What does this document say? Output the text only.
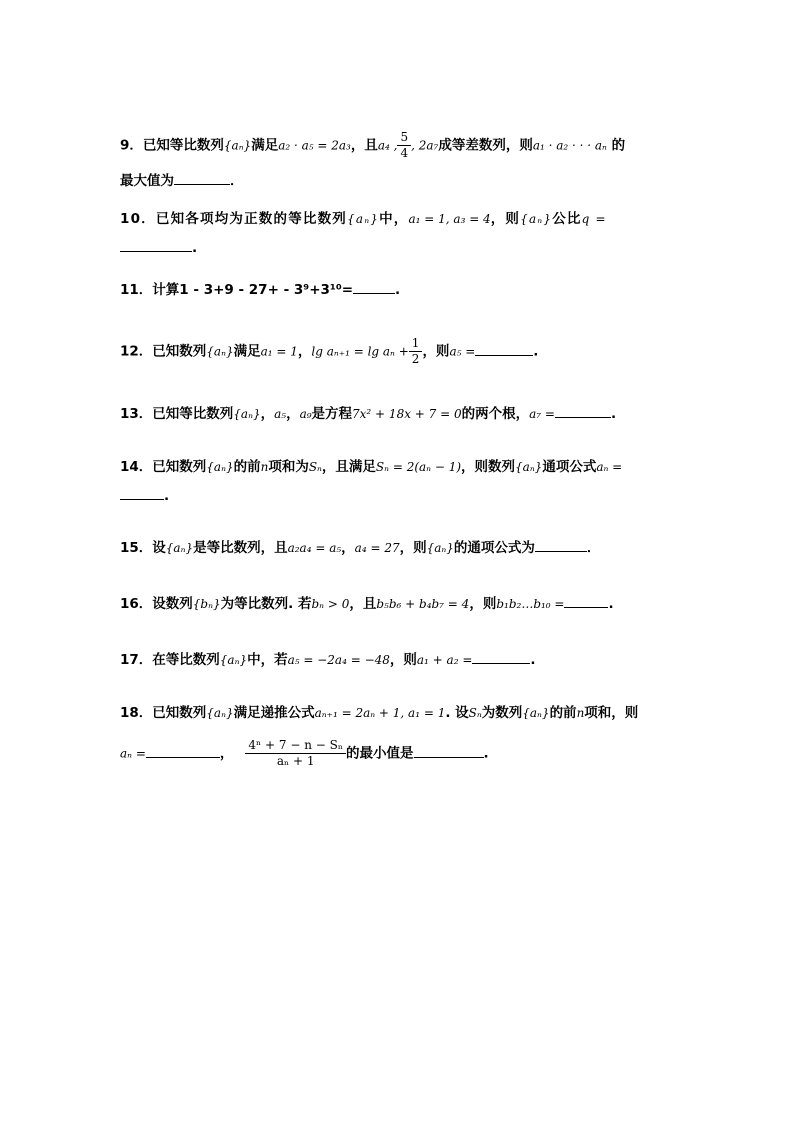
9．已知等比数列{aₙ}满足a₂ · a₅ = 2a₃，且a₄ , $\frac{5}{4}$ , 2a₇成等差数列，则a₁ · a₂ · · · aₙ 的
最大值为	．
10．已知各项均为正数的等比数列{aₙ}中，a₁ = 1, a₃ = 4，则{aₙ}公比q =
.
11．计算1 - 3+9 - 27+ - 3⁹+3¹⁰=	.
12．已知数列{aₙ}满足a₁ = 1，$\lg a_{n+1} = \lg a_n + \frac{1}{2}$ ，则a₅ =	.
13．已知等比数列{aₙ}，a₅，a₉是方程7x² + 18x + 7 = 0的两个根，a₇ =	.
14．已知数列{aₙ}的前n项和为Sₙ，且满足Sₙ = 2(aₙ − 1)，则数列{aₙ}通项公式aₙ =
.
15．设{aₙ}是等比数列，且a₂a₄ = a₅，a₄ = 27，则{aₙ}的通项公式为	．
16．设数列{bₙ}为等比数列. 若bₙ > 0，且b₅b₆ + b₄b₇ = 4，则b₁b₂…b₁₀ =	.
17．在等比数列{aₙ}中，若a₅ = −2a₄ = −48，则a₁ + a₂ =	.
18．已知数列{aₙ}满足递推公式aₙ₊₁ = 2aₙ + 1, a₁ = 1. 设Sₙ为数列{aₙ}的前n项和，则
aₙ =	， $\frac{\text{4ⁿ + 7 − n − Sₙ}}{\text{aₙ + 1}}$ 的最小值是	.
